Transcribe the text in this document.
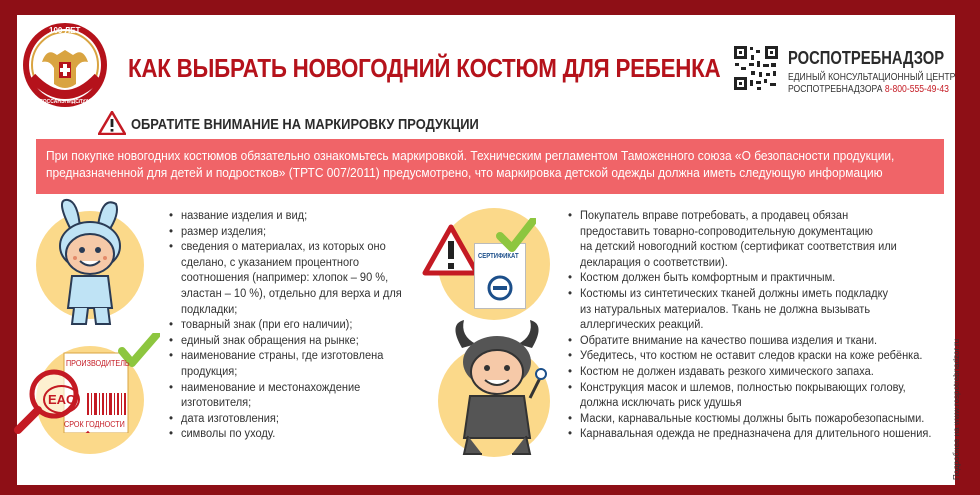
100 ЛЕТ
ГОССАНЭПИДСЛУЖБА
КАК ВЫБРАТЬ НОВОГОДНИЙ КОСТЮМ ДЛЯ РЕБЕНКА	РОСПОТРЕБНАДЗОР
ЕДИНЫЙ КОНСУЛЬТАЦИОННЫЙ ЦЕНТР
РОСПОТРЕБНАДЗОРА 8-800-555-49-43
ОБРАТИТЕ ВНИМАНИЕ НА МАРКИРОВКУ ПРОДУКЦИИ
При покупке новогодних костюмов обязательно ознакомьтесь маркировкой. Техническим регламентом Таможенного союза «О безопасности продукции,
предназначенной для детей и подростков» (ТРТС 007/2011) предусмотрено, что маркировка детской одежды должна иметь следующую информацию
ПРОИЗВОДИТЕЛЬ
EAC
СРОК ГОДНОСТИ
• название изделия и вид;
• размер изделия;
• сведения о материалах, из которых оно
сделано, с указанием процентного
соотношения (например: хлопок – 90 %,
эластан – 10 %), отдельно для верха и для
подкладки;
• товарный знак (при его наличии);
• единый знак обращения на рынке;
• наименование страны, где изготовлена
продукция;
• наименование и местонахождение
изготовителя;
• дата изготовления;
• символы по уходу.
СЕРТИФИКАТ
• Покупатель вправе потребовать, а продавец обязан
предоставить товарно-сопроводительную документацию
на детский новогодний костюм (сертификат соответствия или
декларация о соответствии).
• Костюм должен быть комфортным и практичным.
• Костюмы из синтетических тканей должны иметь подкладку
из натуральных материалов. Ткань не должна вызывать
аллергических реакций.
• Обратите внимание на качество пошива изделия и ткани.
• Убедитесь, что костюм не оставит следов краски на коже ребёнка.
• Костюм не должен издавать резкого химического запаха.
• Конструкция масок и шлемов, полностью покрывающих голову,
должна исключать риск удушья
• Маски, карнавальные костюмы должны быть пожаробезопасными.
• Карнавальная одежда не предназначена для длительного ношения.	Подробнее на www.rospotrebnadzor.ru
